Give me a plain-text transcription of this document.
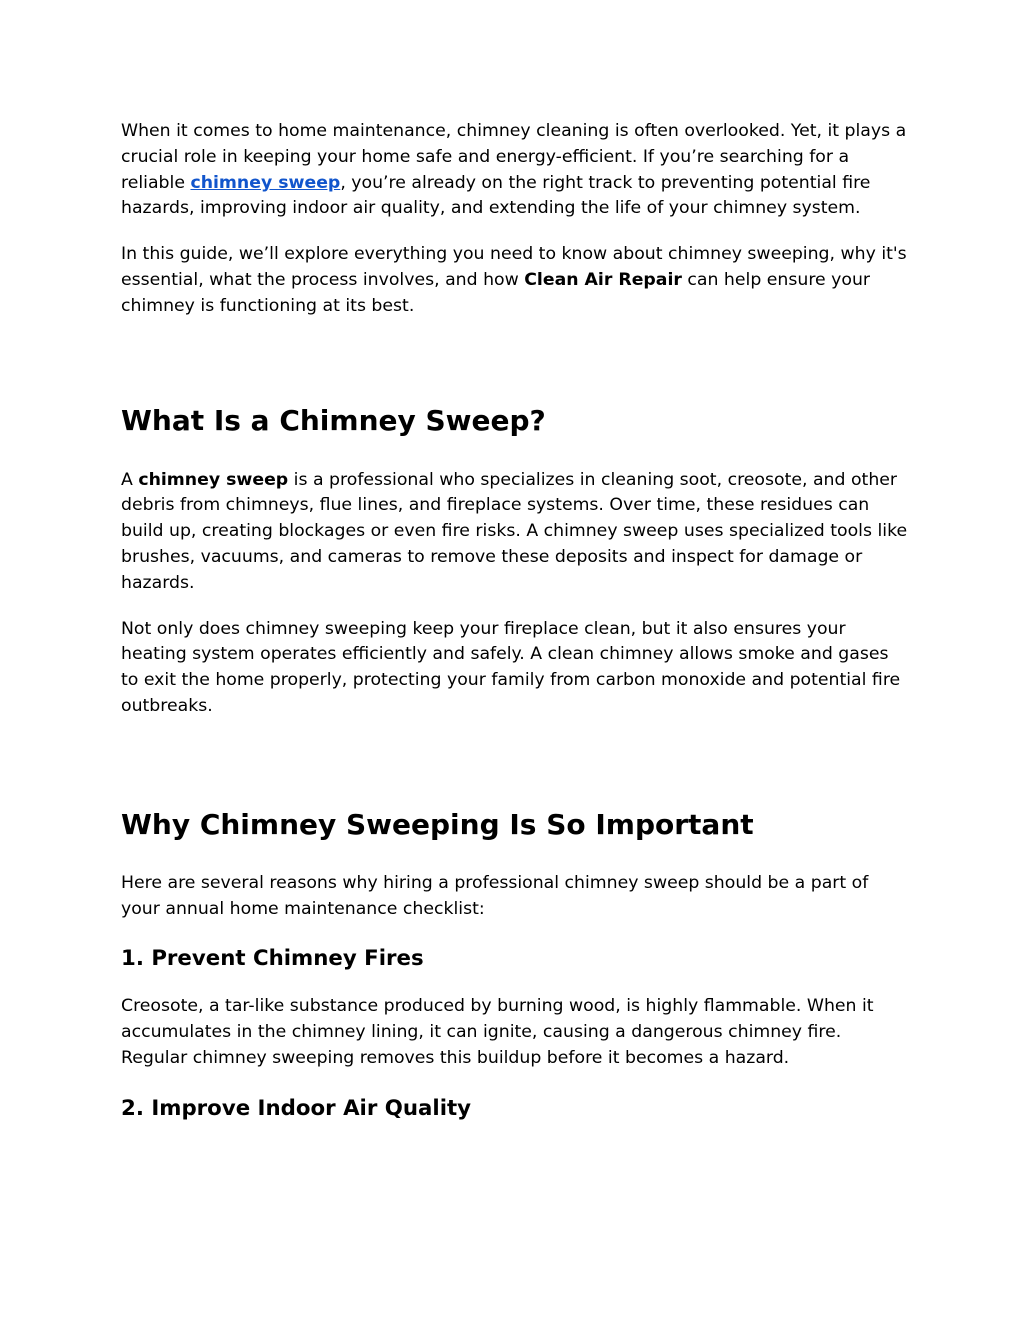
When it comes to home maintenance, chimney cleaning is often overlooked. Yet, it plays a crucial role in keeping your home safe and energy-efficient. If you’re searching for a reliable chimney sweep, you’re already on the right track to preventing potential fire hazards, improving indoor air quality, and extending the life of your chimney system.

In this guide, we’ll explore everything you need to know about chimney sweeping, why it's essential, what the process involves, and how Clean Air Repair can help ensure your chimney is functioning at its best.

What Is a Chimney Sweep?

A chimney sweep is a professional who specializes in cleaning soot, creosote, and other debris from chimneys, flue lines, and fireplace systems. Over time, these residues can build up, creating blockages or even fire risks. A chimney sweep uses specialized tools like brushes, vacuums, and cameras to remove these deposits and inspect for damage or hazards.

Not only does chimney sweeping keep your fireplace clean, but it also ensures your heating system operates efficiently and safely. A clean chimney allows smoke and gases to exit the home properly, protecting your family from carbon monoxide and potential fire outbreaks.

Why Chimney Sweeping Is So Important

Here are several reasons why hiring a professional chimney sweep should be a part of your annual home maintenance checklist:

1. Prevent Chimney Fires

Creosote, a tar-like substance produced by burning wood, is highly flammable. When it accumulates in the chimney lining, it can ignite, causing a dangerous chimney fire. Regular chimney sweeping removes this buildup before it becomes a hazard.

2. Improve Indoor Air Quality
